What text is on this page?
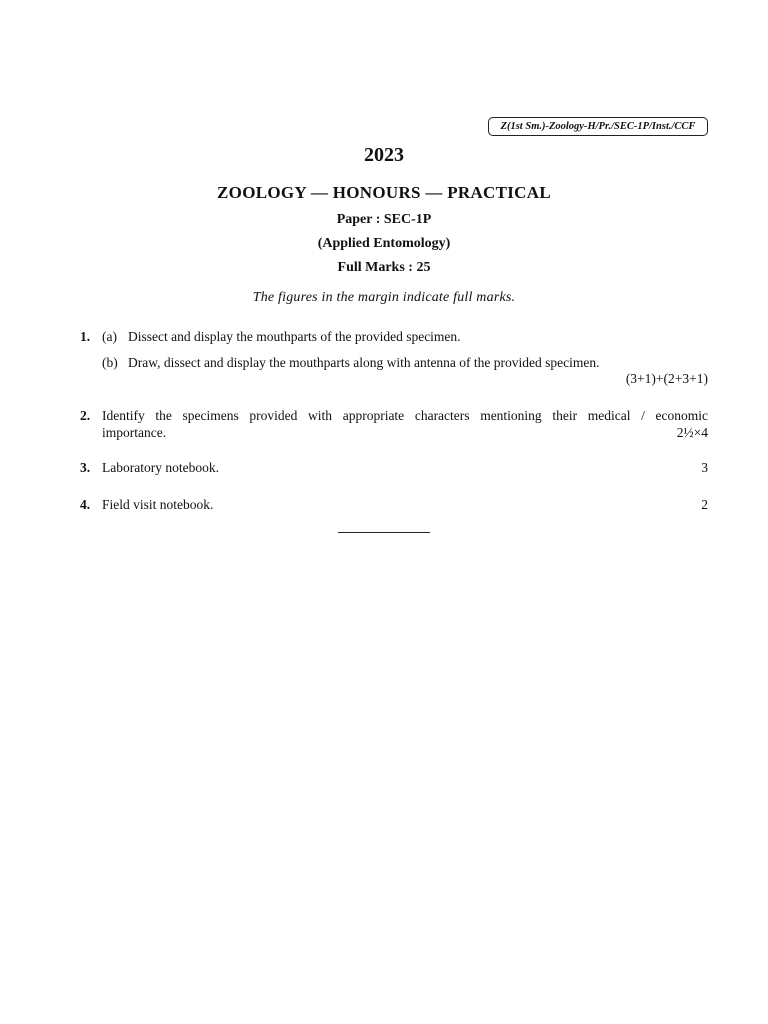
Z(1st Sm.)-Zoology-H/Pr./SEC-1P/Inst./CCF
2023
ZOOLOGY — HONOURS — PRACTICAL
Paper : SEC-1P
(Applied Entomology)
Full Marks : 25
The figures in the margin indicate full marks.
1. (a) Dissect and display the mouthparts of the provided specimen.
(b) Draw, dissect and display the mouthparts along with antenna of the provided specimen.
(3+1)+(2+3+1)
2. Identify the specimens provided with appropriate characters mentioning their medical / economic
importance.	2½×4
3. Laboratory notebook.	3
4. Field visit notebook.	2
